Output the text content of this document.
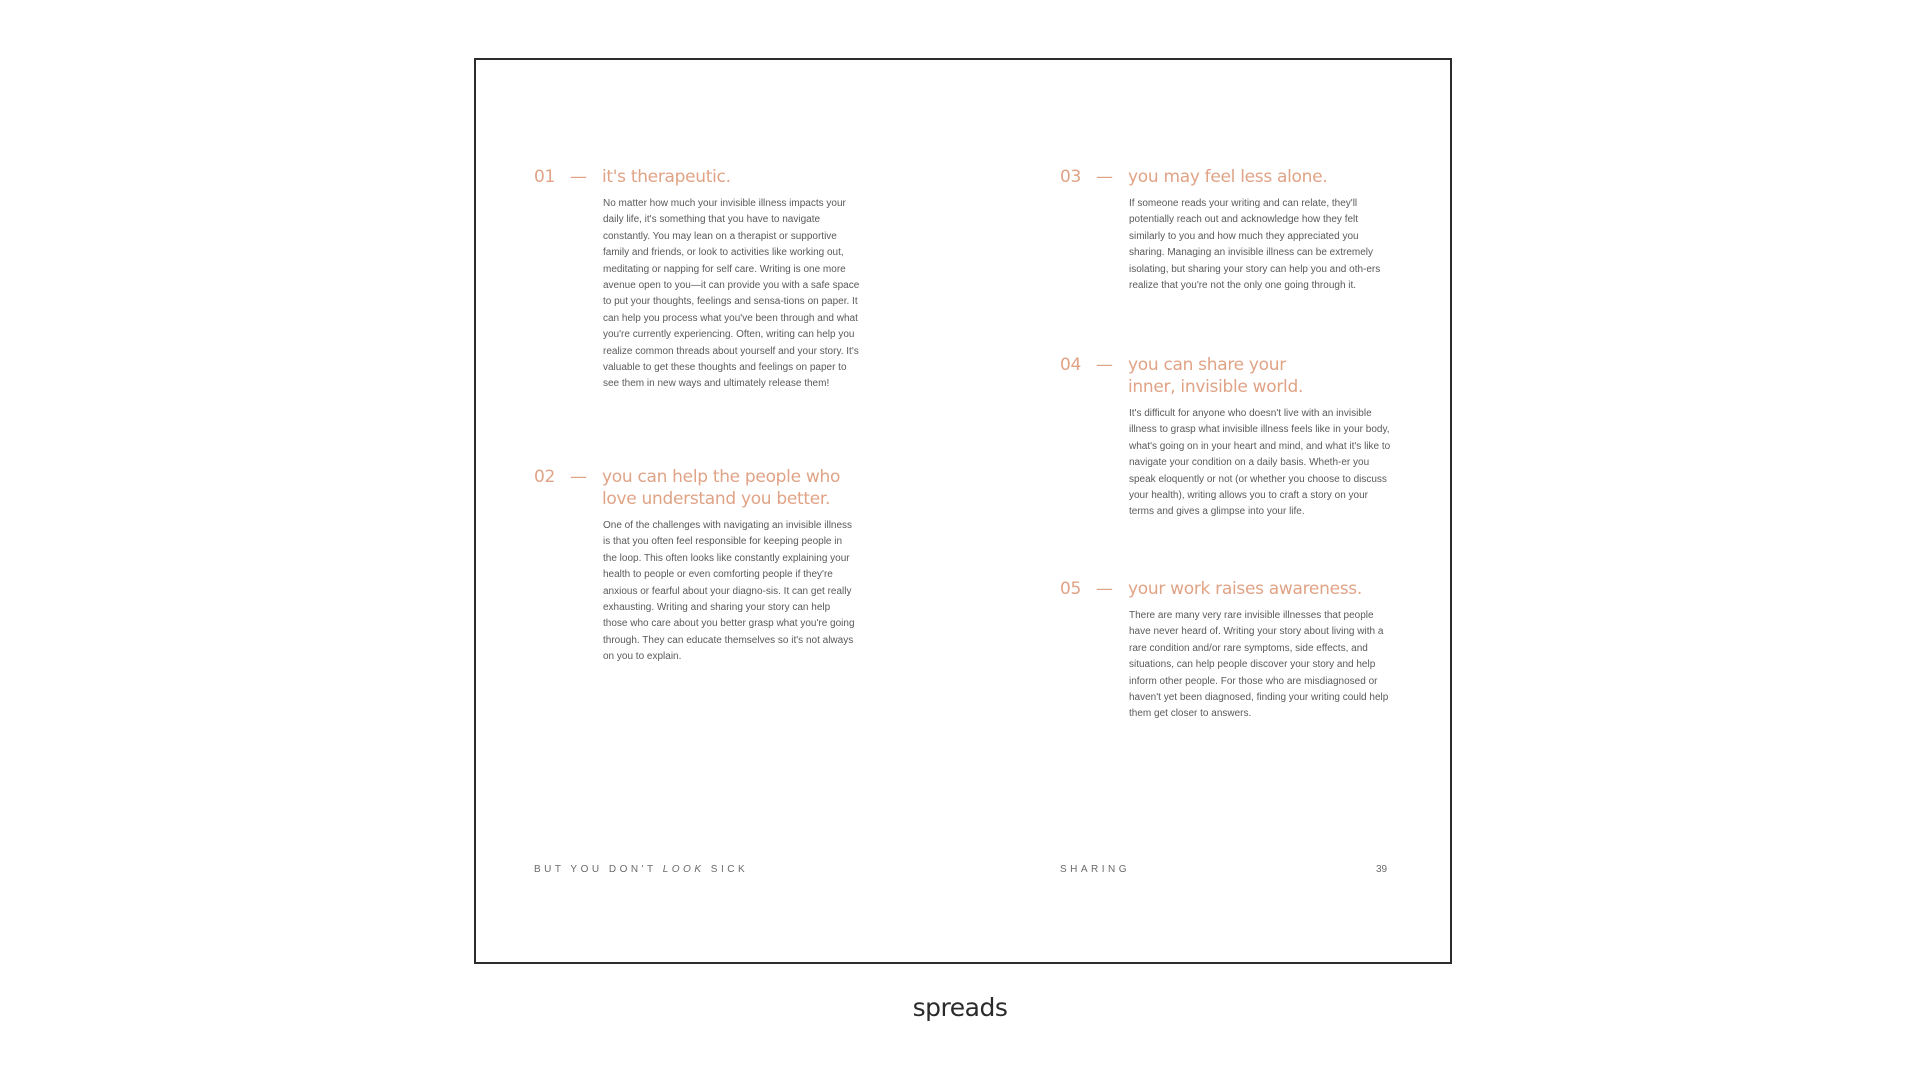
01 — it's therapeutic.
No matter how much your invisible illness impacts your daily life, it's something that you have to navigate constantly. You may lean on a therapist or supportive family and friends, or look to activities like working out, meditating or napping for self care. Writing is one more avenue open to you—it can provide you with a safe space to put your thoughts, feelings and sensa-tions on paper. It can help you process what you've been through and what you're currently experiencing. Often, writing can help you realize common threads about yourself and your story. It's valuable to get these thoughts and feelings on paper to see them in new ways and ultimately release them!
02 — you can help the people who
love understand you better.
One of the challenges with navigating an invisible illness is that you often feel responsible for keeping people in the loop. This often looks like constantly explaining your health to people or even comforting people if they're anxious or fearful about your diagno-sis. It can get really exhausting. Writing and sharing your story can help those who care about you better grasp what you're going through. They can educate themselves so it's not always on you to explain.
03 — you may feel less alone.
If someone reads your writing and can relate, they'll potentially reach out and acknowledge how they felt similarly to you and how much they appreciated you sharing. Managing an invisible illness can be extremely isolating, but sharing your story can help you and oth-ers realize that you're not the only one going through it.
04 — you can share your
inner, invisible world.
It's difficult for anyone who doesn't live with an invisible illness to grasp what invisible illness feels like in your body, what's going on in your heart and mind, and what it's like to navigate your condition on a daily basis. Wheth-er you speak eloquently or not (or whether you choose to discuss your health), writing allows you to craft a story on your terms and gives a glimpse into your life.
05 — your work raises awareness.
There are many very rare invisible illnesses that people have never heard of. Writing your story about living with a rare condition and/or rare symptoms, side effects, and situations, can help people discover your story and help inform other people. For those who are misdiagnosed or haven't yet been diagnosed, finding your writing could help them get closer to answers.
BUT YOU DON'T LOOK SICK	SHARING	39
spreads
